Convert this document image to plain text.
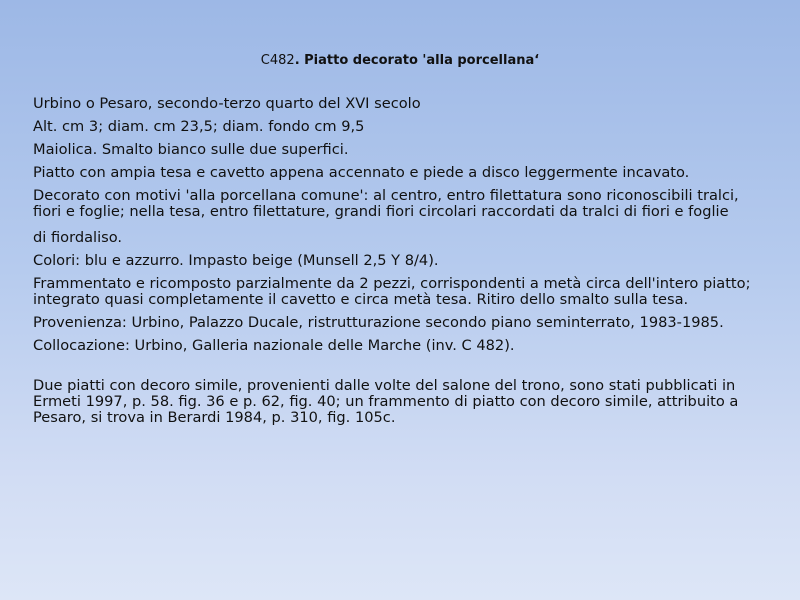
C482. Piatto decorato 'alla porcellana‘

Urbino o Pesaro, secondo-terzo quarto del XVI secolo

Alt. cm 3; diam. cm 23,5; diam. fondo cm 9,5

Maiolica. Smalto bianco sulle due superfici.

Piatto con ampia tesa e cavetto appena accennato e piede a disco leggermente incavato.

Decorato con motivi 'alla porcellana comune': al centro, entro filettatura sono riconoscibili tralci, fiori e foglie; nella tesa, entro filettature, grandi fiori circolari raccordati da tralci di fiori e foglie

di fiordaliso.

Colori: blu e azzurro. Impasto beige (Munsell 2,5 Y 8/4).

Frammentato e ricomposto parzialmente da 2 pezzi, corrispondenti a metà circa dell'intero piatto; integrato quasi completamente il cavetto e circa metà tesa. Ritiro dello smalto sulla tesa.

Provenienza: Urbino, Palazzo Ducale, ristrutturazione secondo piano seminterrato, 1983-1985.

Collocazione: Urbino, Galleria nazionale delle Marche (inv. C 482).

Due piatti con decoro simile, provenienti dalle volte del salone del trono, sono stati pubblicati in Ermeti 1997, p. 58. fig. 36 e p. 62, fig. 40; un frammento di piatto con decoro simile, attribuito a Pesaro, si trova in Berardi 1984, p. 310, fig. 105c.
